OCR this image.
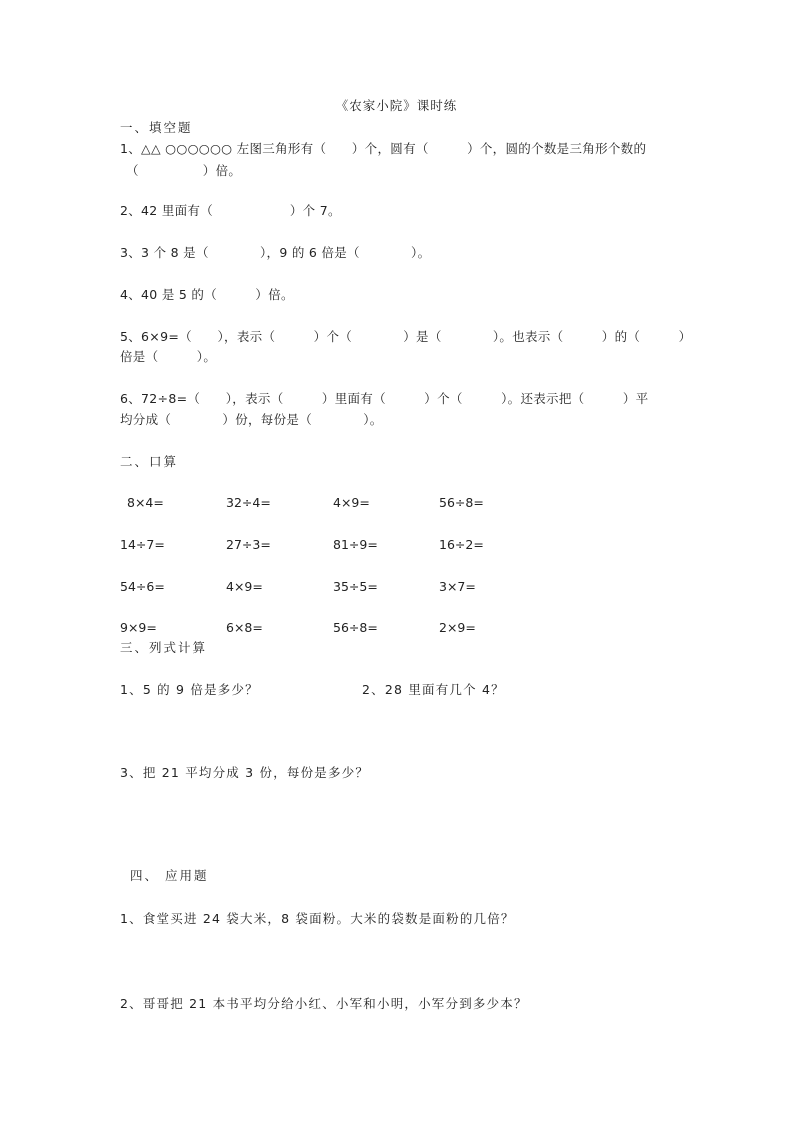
《农家小院》课时练
一、填空题
1、△△ ○○○○○○ 左图三角形有（　　）个，圆有（　　　）个，圆的个数是三角形个数的
（　　　　　）倍。
2、42 里面有（　　　　　　）个 7。
3、3 个 8 是（　　　　），9 的 6 倍是（　　　　）。
4、40 是 5 的（　　　）倍。
5、6×9=（　　），表示（　　　）个（　　　　）是（　　　　）。也表示（　　　）的（　　　）
倍是（　　　）。
6、72÷8=（　　），表示（　　　）里面有（　　　）个（　　　）。还表示把（　　　）平
均分成（　　　　）份，每份是（　　　　）。
二、口算
8×4=	32÷4=	4×9=	56÷8=
14÷7=	27÷3=	81÷9=	16÷2=
54÷6=	4×9=	35÷5=	3×7=
9×9=	6×8=	56÷8=	2×9=
三、列式计算
1、5 的 9 倍是多少？	2、28 里面有几个 4？
3、把 21 平均分成 3 份，每份是多少？
四、 应用题
1、食堂买进 24 袋大米，8 袋面粉。大米的袋数是面粉的几倍？
2、哥哥把 21 本书平均分给小红、小军和小明，小军分到多少本？
